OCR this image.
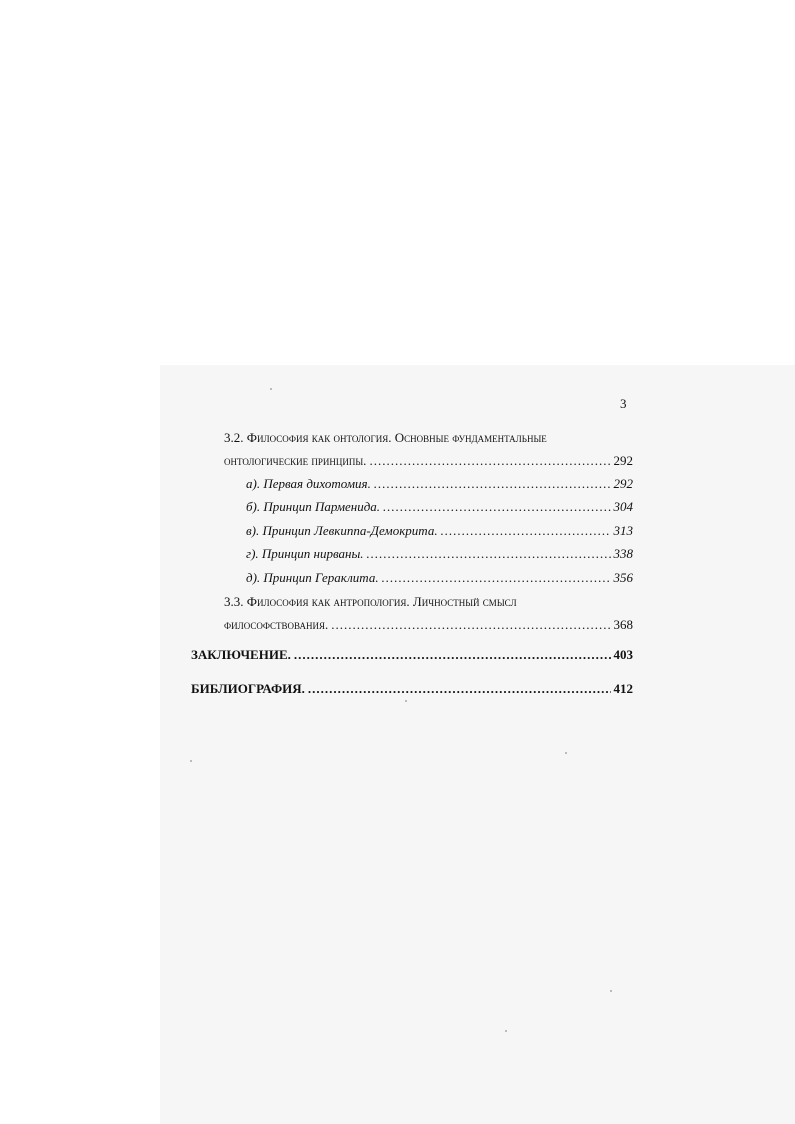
3
3.2. Философия как онтология. Основные фундаментальные
онтологические принципы. .....	292
а). Первая дихотомия. .....	292
б). Принцип Парменида. .....	304
в). Принцип Левкиппа-Демокрита. .....	313
г). Принцип нирваны. .....	338
д). Принцип Гераклита. .....	356
3.3. Философия как антропология. Личностный смысл
философствования. .....	368
ЗАКЛЮЧЕНИЕ. .....	403
БИБЛИОГРАФИЯ. .....	412
